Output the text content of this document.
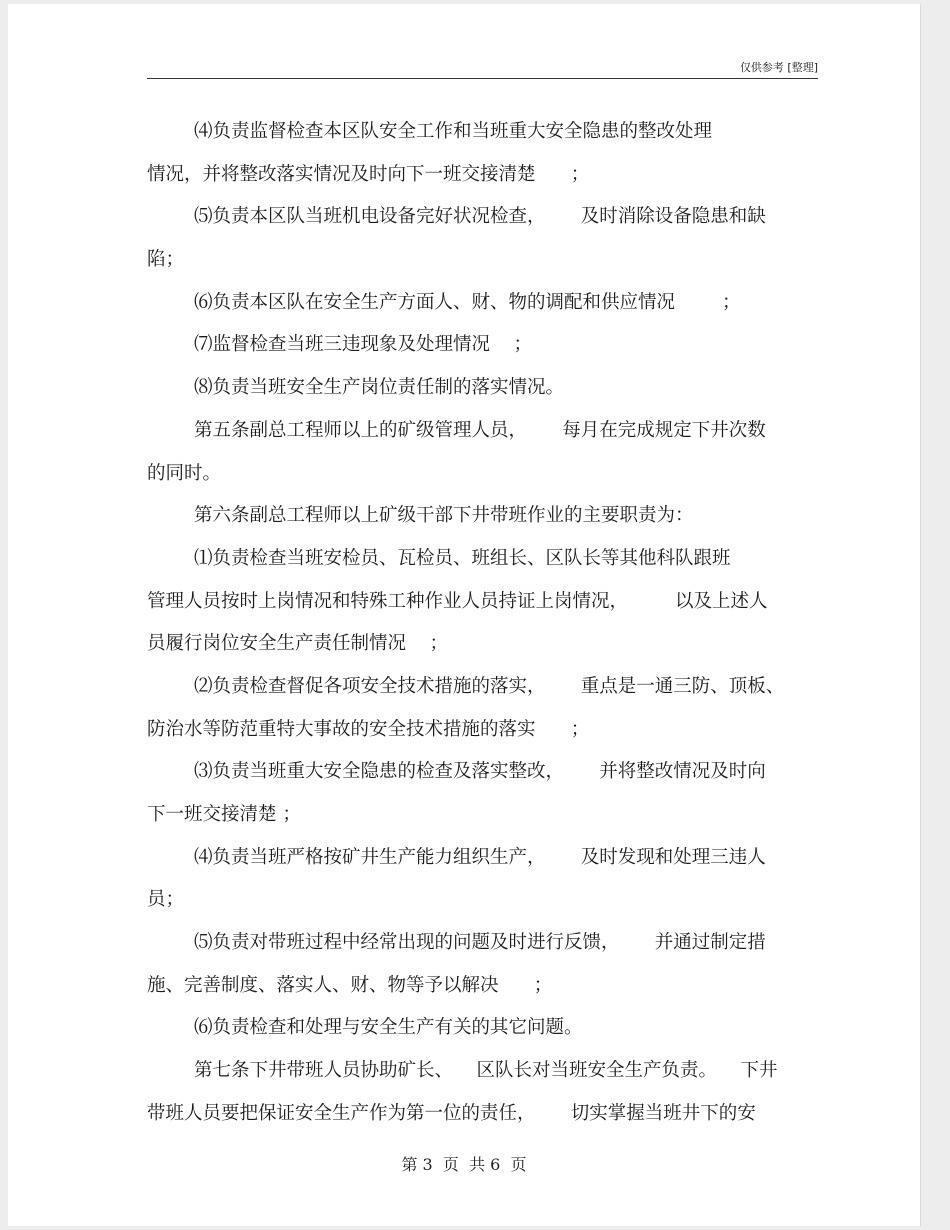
仅供参考 [整理]
⑷负责监督检查本区队安全工作和当班重大安全隐患的整改处理
情况，并将整改落实情况及时向下一班交接清楚      ；
⑸负责本区队当班机电设备完好状况检查，      及时消除设备隐患和缺
陷；
⑹负责本区队在安全生产方面人、财、物的调配和供应情况        ；
⑺监督检查当班三违现象及处理情况    ；
⑻负责当班安全生产岗位责任制的落实情况。
第五条副总工程师以上的矿级管理人员，      每月在完成规定下井次数
的同时。
第六条副总工程师以上矿级干部下井带班作业的主要职责为：
⑴负责检查当班安检员、瓦检员、班组长、区队长等其他科队跟班
管理人员按时上岗情况和特殊工种作业人员持证上岗情况，        以及上述人
员履行岗位安全生产责任制情况    ；
⑵负责检查督促各项安全技术措施的落实，      重点是一通三防、顶板、
防治水等防范重特大事故的安全技术措施的落实      ；
⑶负责当班重大安全隐患的检查及落实整改，      并将整改情况及时向
下一班交接清楚 ；
⑷负责当班严格按矿井生产能力组织生产，      及时发现和处理三违人
员；
⑸负责对带班过程中经常出现的问题及时进行反馈，      并通过制定措
施、完善制度、落实人、财、物等予以解决      ；
⑹负责检查和处理与安全生产有关的其它问题。
第七条下井带班人员协助矿长、    区队长对当班安全生产负责。    下井
带班人员要把保证安全生产作为第一位的责任，      切实掌握当班井下的安
第 3  页  共 6  页
